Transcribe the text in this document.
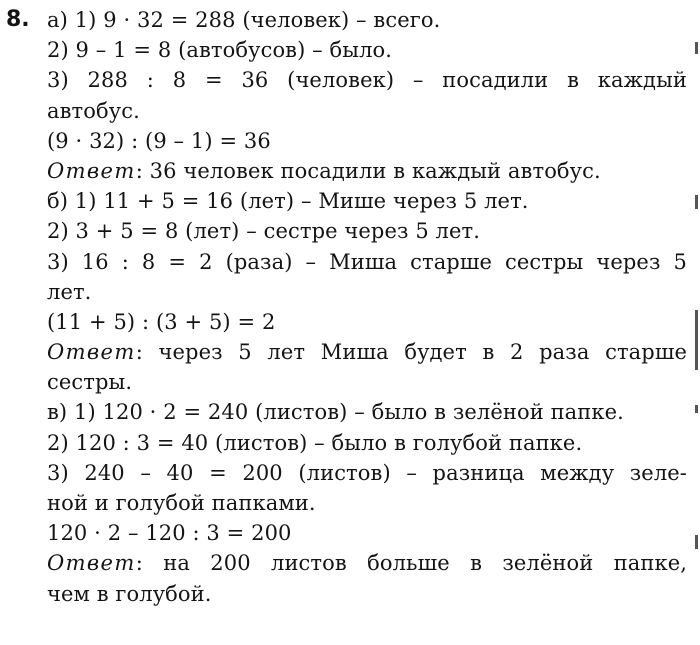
8. а) 1) 9 · 32 = 288 (человек) – всего.
2) 9 – 1 = 8 (автобусов) – было.
3) 288 : 8 = 36 (человек) – посадили в каждый
автобус.
(9 · 32) : (9 – 1) = 36
Ответ: 36 человек посадили в каждый автобус.
б) 1) 11 + 5 = 16 (лет) – Мише через 5 лет.
2) 3 + 5 = 8 (лет) – сестре через 5 лет.
3) 16 : 8 = 2 (раза) – Миша старше сестры через 5
лет.
(11 + 5) : (3 + 5) = 2
Ответ: через 5 лет Миша будет в 2 раза старше
сестры.
в) 1) 120 · 2 = 240 (листов) – было в зелёной папке.
2) 120 : 3 = 40 (листов) – было в голубой папке.
3) 240 – 40 = 200 (листов) – разница между зеле-
ной и голубой папками.
120 · 2 – 120 : 3 = 200
Ответ: на 200 листов больше в зелёной папке,
чем в голубой.
